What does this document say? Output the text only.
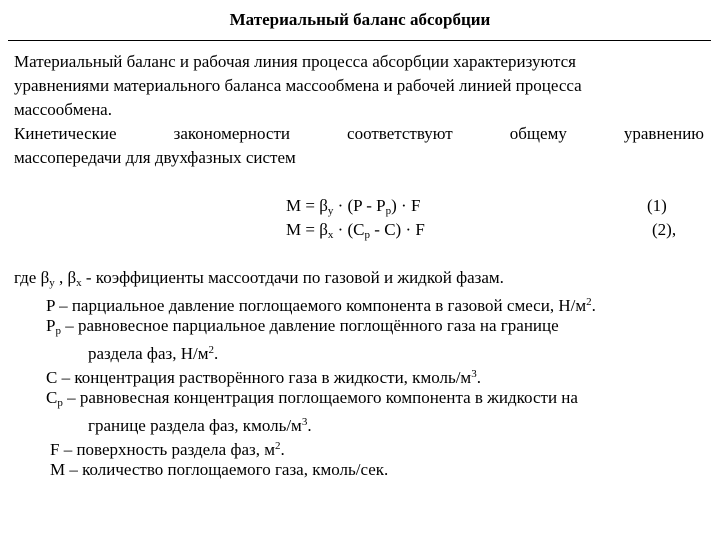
Материальный баланс абсорбции
Материальный баланс и рабочая линия процесса абсорбции характеризуются
уравнениями материального баланса массообмена и рабочей линией процесса
массообмена.
Кинетические	закономерности	соответствуют	общему	уравнению
массопередачи для двухфазных систем
$M = \beta_y \cdot (P - P_p) \cdot F$	(1)
$M = \beta_x \cdot (C_p - C) \cdot F$	(2),
где $\beta_y$ , $\beta_x$ - коэффициенты массоотдачи по газовой и жидкой фазам.
P – парциальное давление поглощаемого компонента в газовой смеси, $Н/м^2$.
$P_p$ – равновесное парциальное давление поглощённого газа на границе
раздела фаз, $Н/м^2$.
C – концентрация растворённого газа в жидкости, кмоль/$м^3$.
$C_p$ – равновесная концентрация поглощаемого компонента в жидкости на
границе раздела фаз, кмоль/$м^3$.
F – поверхность раздела фаз, $м^2$.
M – количество поглощаемого газа, кмоль/сек.
